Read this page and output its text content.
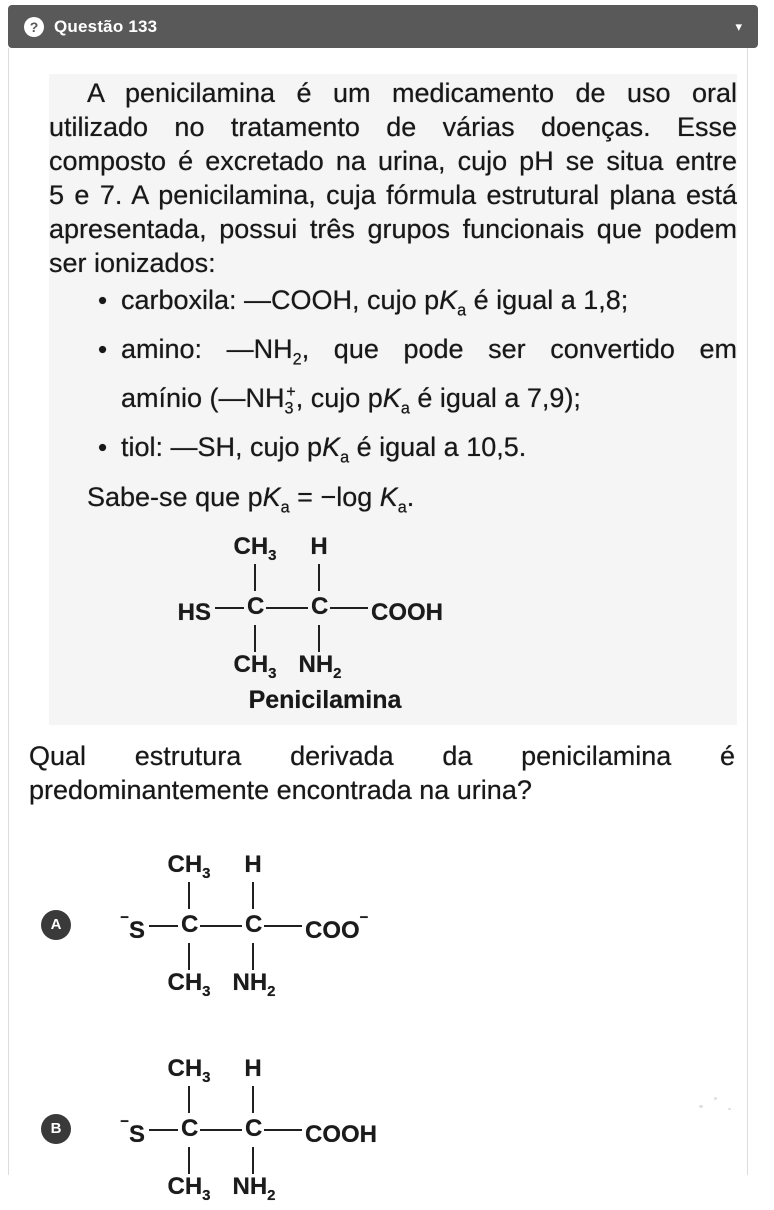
? Questão 133	▾
A penicilamina é um medicamento de uso oral
utilizado no tratamento de várias doenças. Esse
composto é excretado na urina, cujo pH se situa entre
5 e 7. A penicilamina, cuja fórmula estrutural plana está
apresentada, possui três grupos funcionais que podem
ser ionizados:
• carboxila: —COOH, cujo $pK_a$ é igual a 1,8;
• amino: $—NH_2$, que pode ser convertido em
amínio ($—NH_3^+$, cujo $pK_a$ é igual a 7,9);
• tiol: —SH, cujo $pK_a$ é igual a 10,5.
Sabe-se que $pK_a = -\log$ $K_a$.
$CH_3$	H
HS C C COOH
$CH_3$ $NH_2$
Penicilamina
Qual estrutura derivada da penicilamina é
predominantemente encontrada na urina?
A
$CH_3$	H
−S C C COO−
$CH_3$ $NH_2$
B
$CH_3$	H
−S C C COOH
$CH_3$ $NH_2$
